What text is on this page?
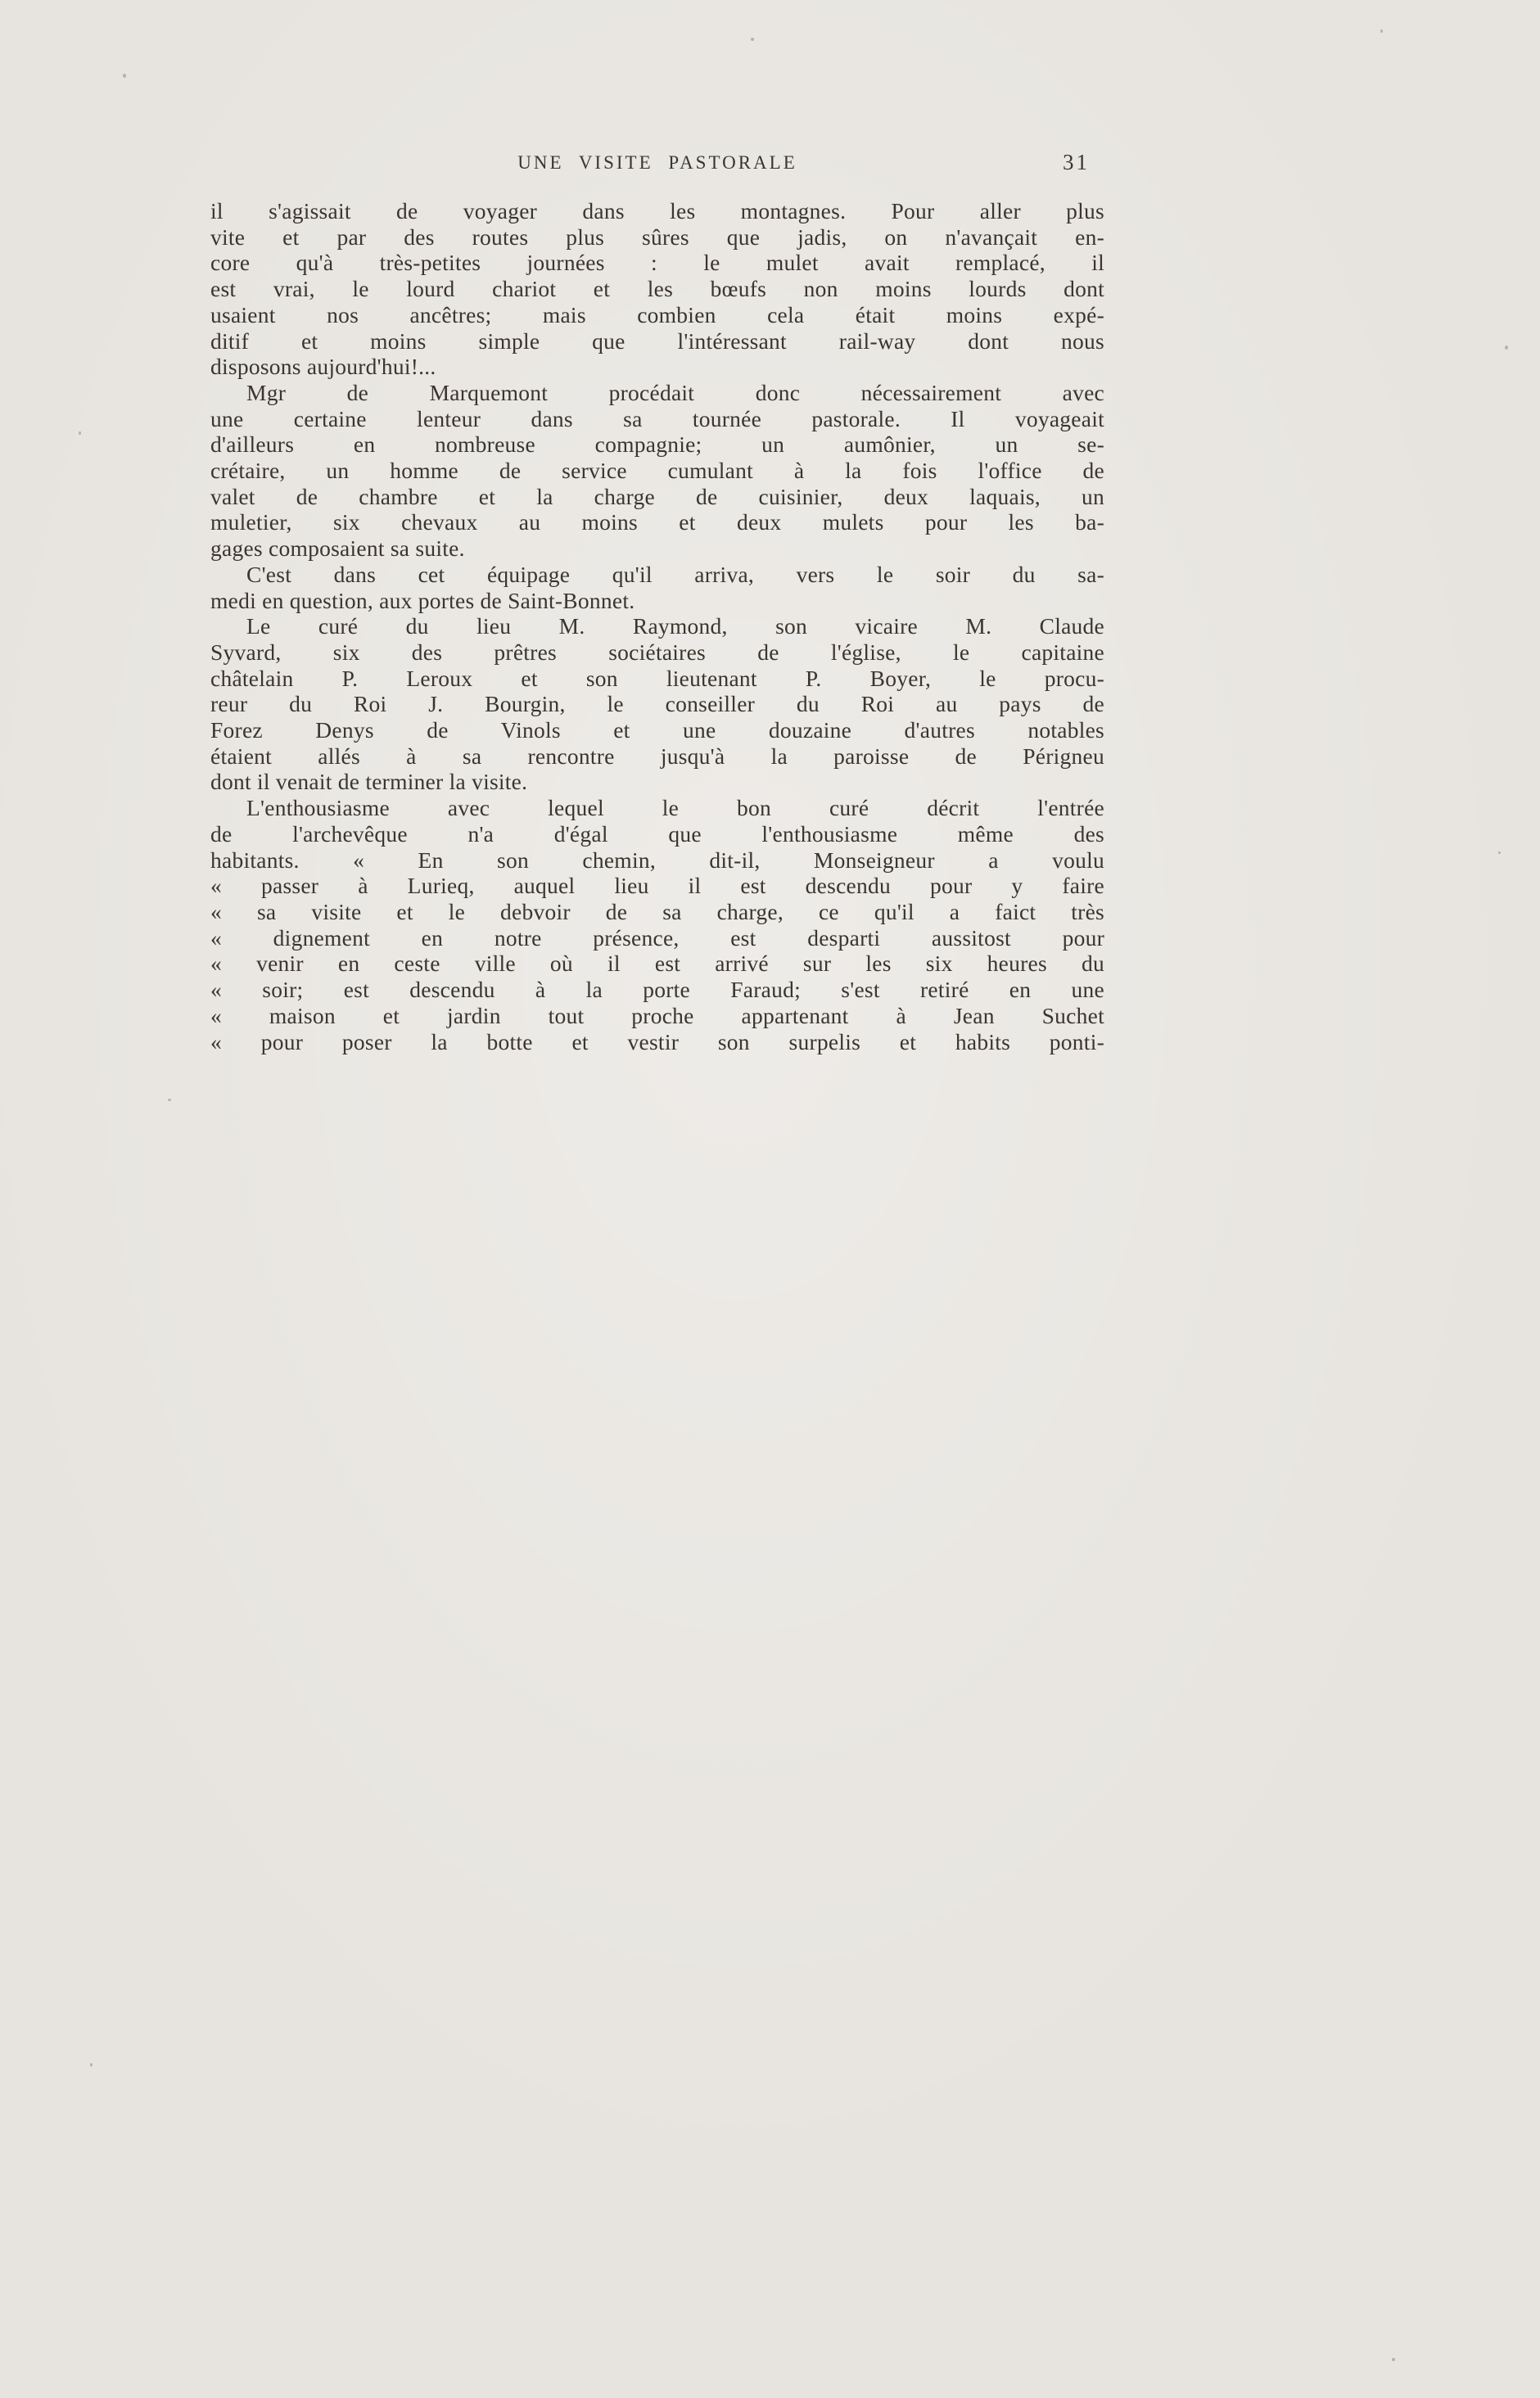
UNE VISITE PASTORALE	31
il s'agissait de voyager dans les montagnes. Pour aller plus
vite et par des routes plus sûres que jadis, on n'avançait en-
core qu'à très-petites journées : le mulet avait remplacé, il
est vrai, le lourd chariot et les bœufs non moins lourds dont
usaient nos ancêtres; mais combien cela était moins expé-
ditif et moins simple que l'intéressant rail-way dont nous
disposons aujourd'hui!...
Mgr de Marquemont procédait donc nécessairement avec
une certaine lenteur dans sa tournée pastorale. Il voyageait
d'ailleurs en nombreuse compagnie; un aumônier, un se-
crétaire, un homme de service cumulant à la fois l'office de
valet de chambre et la charge de cuisinier, deux laquais, un
muletier, six chevaux au moins et deux mulets pour les ba-
gages composaient sa suite.
C'est dans cet équipage qu'il arriva, vers le soir du sa-
medi en question, aux portes de Saint-Bonnet.
Le curé du lieu M. Raymond, son vicaire M. Claude
Syvard, six des prêtres sociétaires de l'église, le capitaine
châtelain P. Leroux et son lieutenant P. Boyer, le procu-
reur du Roi J. Bourgin, le conseiller du Roi au pays de
Forez Denys de Vinols et une douzaine d'autres notables
étaient allés à sa rencontre jusqu'à la paroisse de Périgneu
dont il venait de terminer la visite.
L'enthousiasme avec lequel le bon curé décrit l'entrée
de l'archevêque n'a d'égal que l'enthousiasme même des
habitants. « En son chemin, dit-il, Monseigneur a voulu
« passer à Lurieq, auquel lieu il est descendu pour y faire
« sa visite et le debvoir de sa charge, ce qu'il a faict très
« dignement en notre présence, est desparti aussitost pour
« venir en ceste ville où il est arrivé sur les six heures du
« soir; est descendu à la porte Faraud; s'est retiré en une
« maison et jardin tout proche appartenant à Jean Suchet
« pour poser la botte et vestir son surpelis et habits ponti-
